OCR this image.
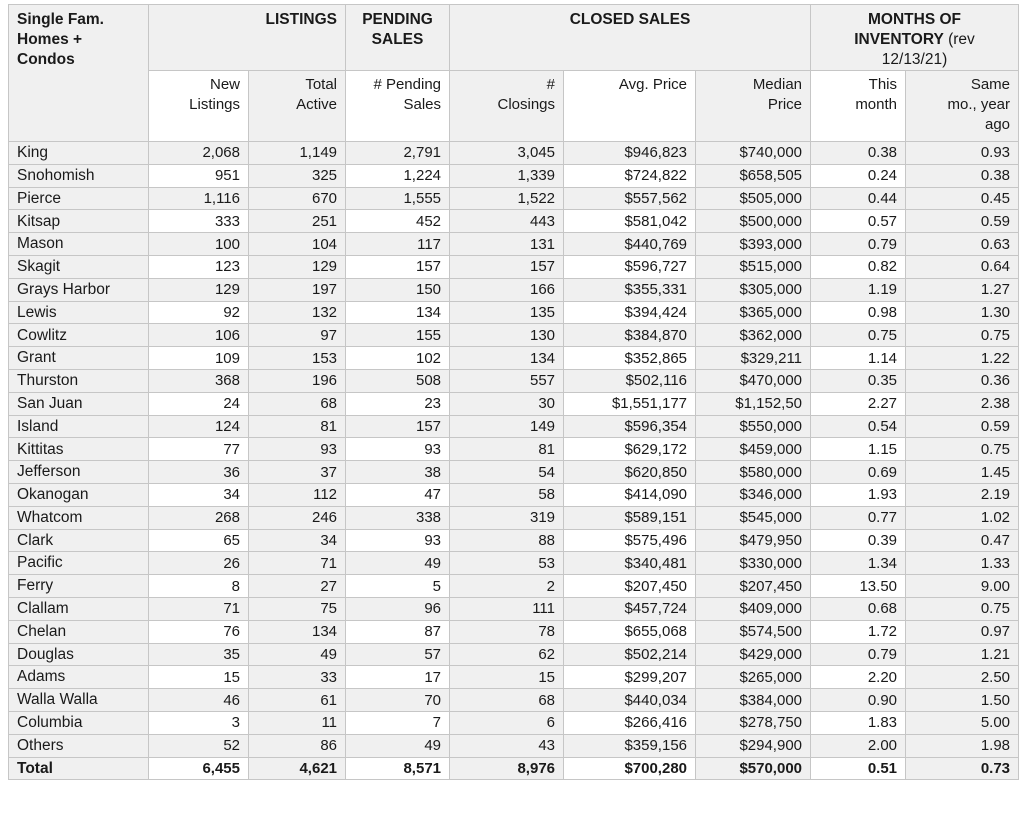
Single Fam. Homes + Condos	LISTINGS		PENDING SALES	CLOSED SALES			MONTHS OF INVENTORY (rev 12/13/21)	
	New Listings	Total Active	# Pending Sales	# Closings	Avg. Price	Median Price	This month	Same mo., year ago
King	2,068	1,149	2,791	3,045	$946,823	$740,000	0.38	0.93
Snohomish	951	325	1,224	1,339	$724,822	$658,505	0.24	0.38
Pierce	1,116	670	1,555	1,522	$557,562	$505,000	0.44	0.45
Kitsap	333	251	452	443	$581,042	$500,000	0.57	0.59
Mason	100	104	117	131	$440,769	$393,000	0.79	0.63
Skagit	123	129	157	157	$596,727	$515,000	0.82	0.64
Grays Harbor	129	197	150	166	$355,331	$305,000	1.19	1.27
Lewis	92	132	134	135	$394,424	$365,000	0.98	1.30
Cowlitz	106	97	155	130	$384,870	$362,000	0.75	0.75
Grant	109	153	102	134	$352,865	$329,211	1.14	1.22
Thurston	368	196	508	557	$502,116	$470,000	0.35	0.36
San Juan	24	68	23	30	$1,551,177	$1,152,50	2.27	2.38
Island	124	81	157	149	$596,354	$550,000	0.54	0.59
Kittitas	77	93	93	81	$629,172	$459,000	1.15	0.75
Jefferson	36	37	38	54	$620,850	$580,000	0.69	1.45
Okanogan	34	112	47	58	$414,090	$346,000	1.93	2.19
Whatcom	268	246	338	319	$589,151	$545,000	0.77	1.02
Clark	65	34	93	88	$575,496	$479,950	0.39	0.47
Pacific	26	71	49	53	$340,481	$330,000	1.34	1.33
Ferry	8	27	5	2	$207,450	$207,450	13.50	9.00
Clallam	71	75	96	111	$457,724	$409,000	0.68	0.75
Chelan	76	134	87	78	$655,068	$574,500	1.72	0.97
Douglas	35	49	57	62	$502,214	$429,000	0.79	1.21
Adams	15	33	17	15	$299,207	$265,000	2.20	2.50
Walla Walla	46	61	70	68	$440,034	$384,000	0.90	1.50
Columbia	3	11	7	6	$266,416	$278,750	1.83	5.00
Others	52	86	49	43	$359,156	$294,900	2.00	1.98
Total	6,455	4,621	8,571	8,976	$700,280	$570,000	0.51	0.73
